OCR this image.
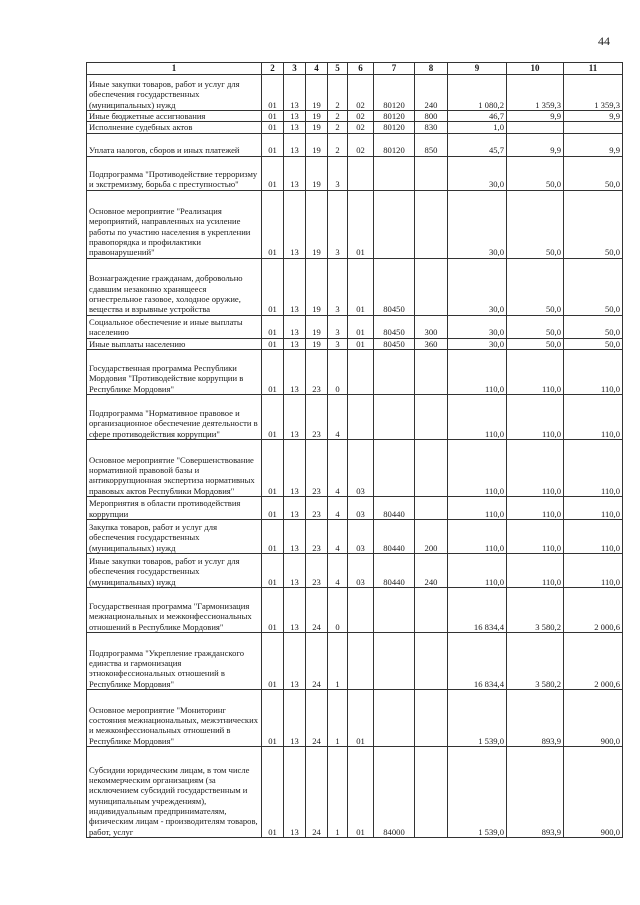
44
1	2	3	4	5	6	7	8	9	10	11
Иные закупки товаров, работ и услуг для обеспечения государственных (муниципальных) нужд	01	13	19	2	02	80120	240	1 080,2	1 359,3	1 359,3
Иные бюджетные ассигнования	01	13	19	2	02	80120	800	46,7	9,9	9,9
Исполнение судебных актов	01	13	19	2	02	80120	830	1,0		
Уплата налогов, сборов и иных платежей	01	13	19	2	02	80120	850	45,7	9,9	9,9
Подпрограмма "Противодействие терроризму и экстремизму, борьба с преступностью"	01	13	19	3				30,0	50,0	50,0
Основное мероприятие "Реализация мероприятий, направленных на усиление работы по участию населения в укреплении правопорядка и профилактики правонарушений"	01	13	19	3	01			30,0	50,0	50,0
Вознаграждение гражданам, добровольно сдавшим незаконно хранящееся огнестрельное газовое, холодное оружие, вещества и взрывные устройства	01	13	19	3	01	80450		30,0	50,0	50,0
Социальное обеспечение и иные выплаты населению	01	13	19	3	01	80450	300	30,0	50,0	50,0
Иные выплаты населению	01	13	19	3	01	80450	360	30,0	50,0	50,0
Государственная программа Республики Мордовия "Противодействие коррупции в Республике Мордовия"	01	13	23	0				110,0	110,0	110,0
Подпрограмма "Нормативное правовое и организационное обеспечение деятельности в сфере противодействия коррупции"	01	13	23	4				110,0	110,0	110,0
Основное мероприятие "Совершенствование нормативной правовой базы и антикоррупционная экспертиза нормативных правовых актов Республики Мордовия"	01	13	23	4	03			110,0	110,0	110,0
Мероприятия в области противодействия коррупции	01	13	23	4	03	80440		110,0	110,0	110,0
Закупка товаров, работ и услуг для обеспечения государственных (муниципальных) нужд	01	13	23	4	03	80440	200	110,0	110,0	110,0
Иные закупки товаров, работ и услуг для обеспечения государственных (муниципальных) нужд	01	13	23	4	03	80440	240	110,0	110,0	110,0
Государственная программа "Гармонизация межнациональных и межконфессиональных отношений в Республике Мордовия"	01	13	24	0				16 834,4	3 580,2	2 000,6
Подпрограмма "Укрепление гражданского единства и гармонизация этноконфессиональных отношений в Республике Мордовия"	01	13	24	1				16 834,4	3 580,2	2 000,6
Основное мероприятие "Мониторинг состояния межнациональных, межэтнических и межконфессиональных отношений в Республике Мордовия"	01	13	24	1	01			1 539,0	893,9	900,0
Субсидии юридическим лицам, в том числе некоммерческим организациям (за исключением субсидий государственным и муниципальным учреждениям), индивидуальным предпринимателям, физическим лицам - производителям товаров, работ, услуг	01	13	24	1	01	84000		1 539,0	893,9	900,0
